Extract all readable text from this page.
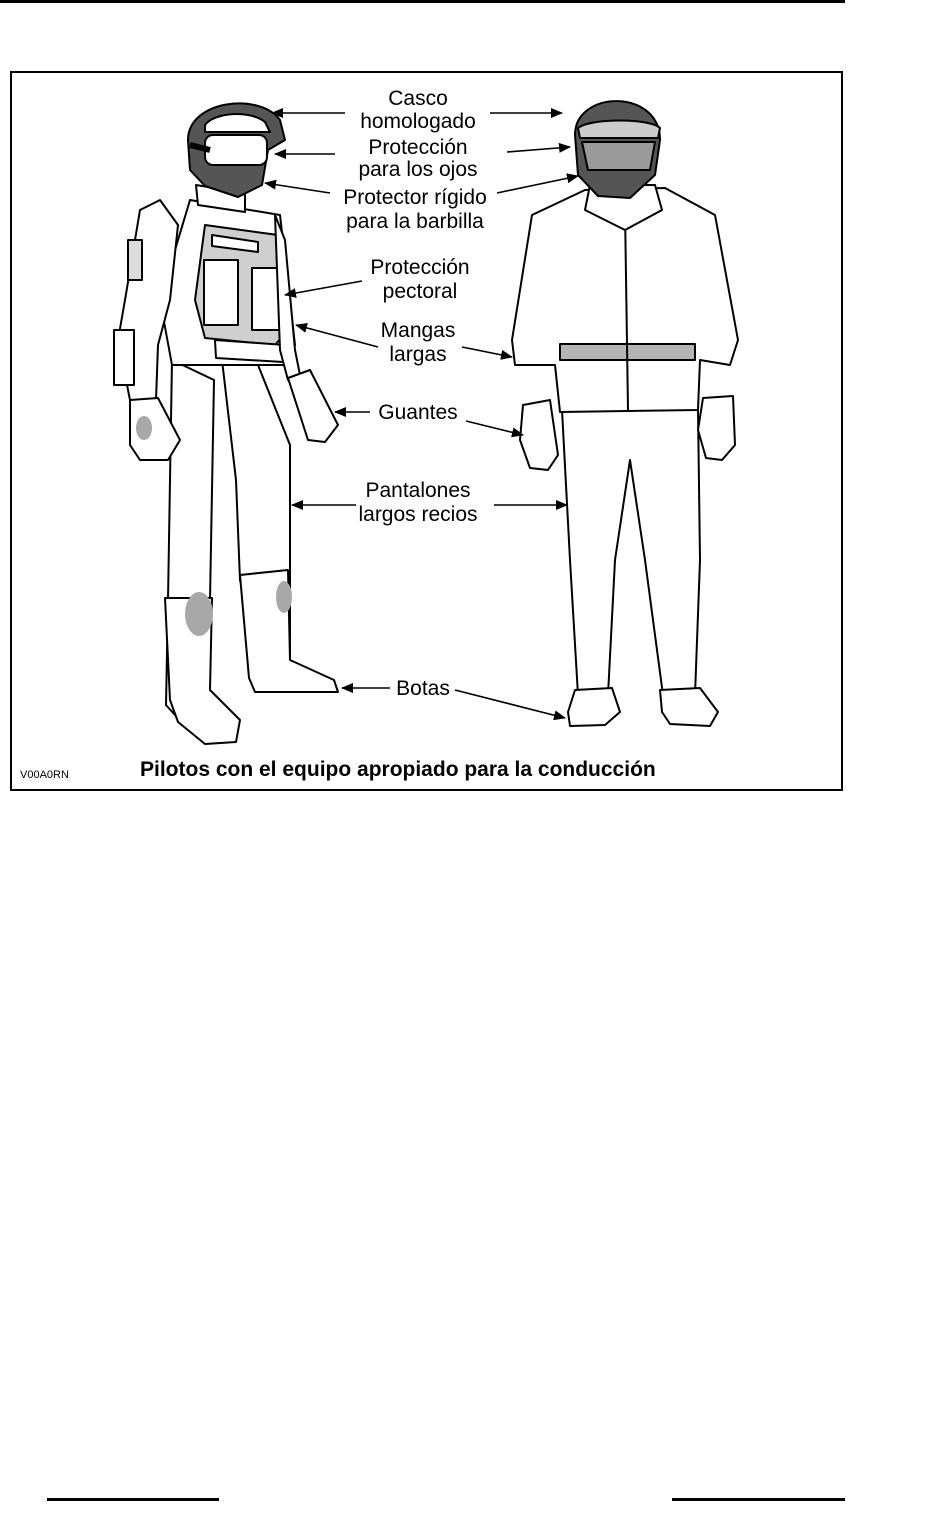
Casco
homologado
Protección
para los ojos
Protector rígido
para la barbilla
Protección
pectoral
Mangas
largas
Guantes
Pantalones
largos recios
Botas
V00A0RN	Pilotos con el equipo apropiado para la conducción
